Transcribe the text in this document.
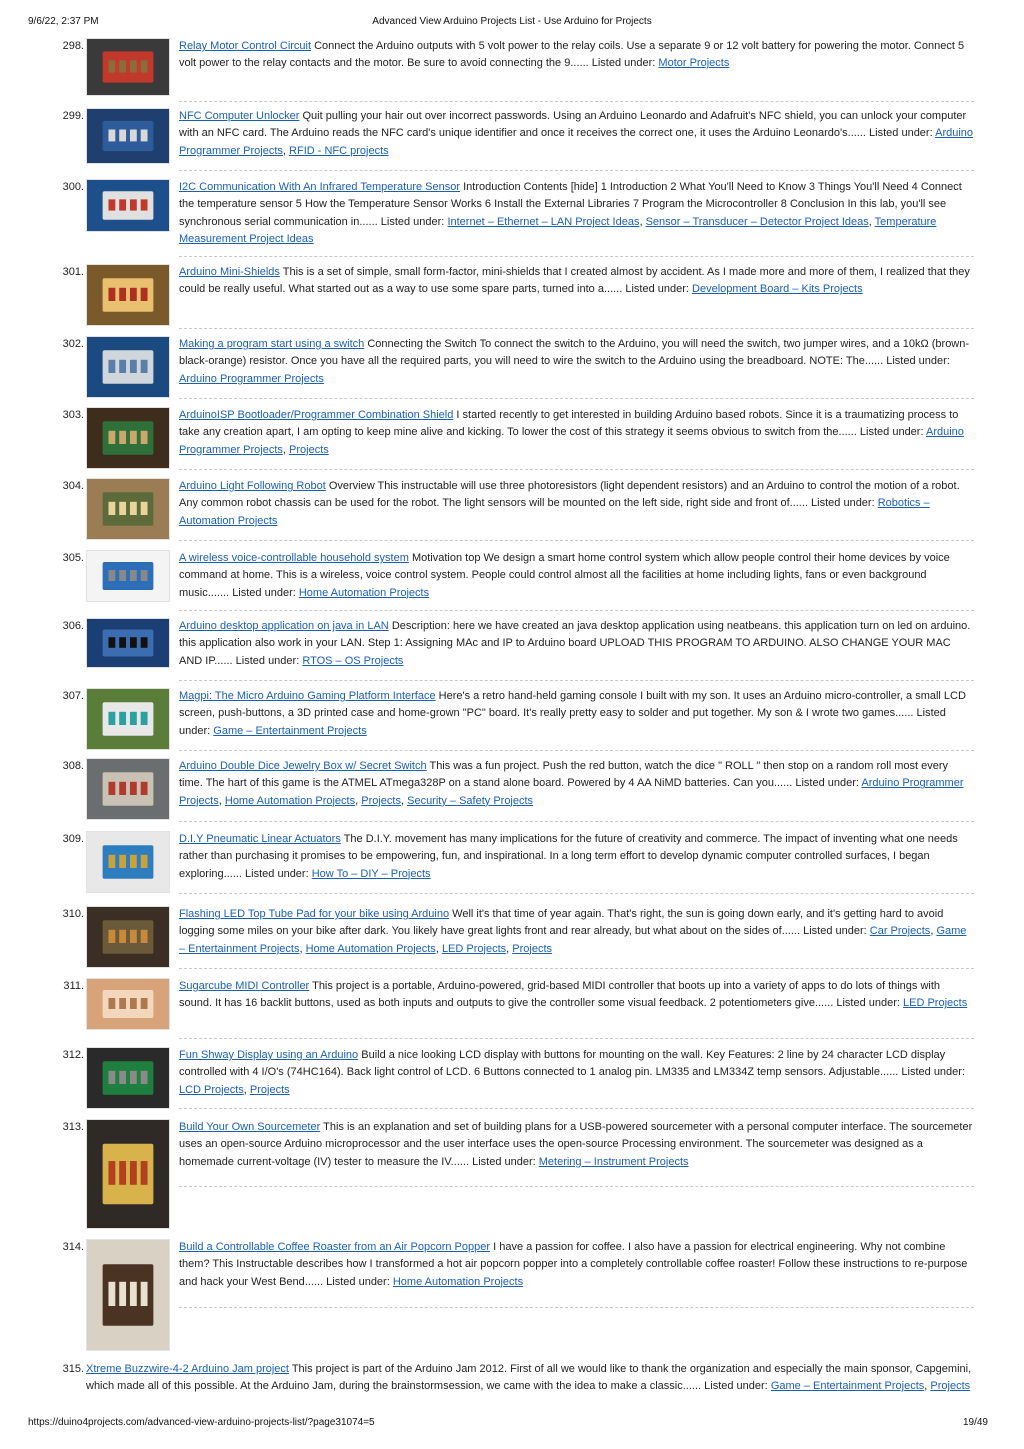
9/6/22, 2:37 PM	Advanced View Arduino Projects List - Use Arduino for Projects
298.	Relay Motor Control Circuit Connect the Arduino outputs with 5 volt power to the relay coils. Use a separate 9 or 12 volt battery for powering the motor. Connect 5 volt power to the relay contacts and the motor. Be sure to avoid connecting the 9...... Listed under: Motor Projects
299.	NFC Computer Unlocker Quit pulling your hair out over incorrect passwords. Using an Arduino Leonardo and Adafruit's NFC shield, you can unlock your computer with an NFC card. The Arduino reads the NFC card's unique identifier and once it receives the correct one, it uses the Arduino Leonardo's...... Listed under: Arduino Programmer Projects, RFID - NFC projects
300.	I2C Communication With An Infrared Temperature Sensor Introduction Contents [hide] 1 Introduction 2 What You'll Need to Know 3 Things You'll Need 4 Connect the temperature sensor 5 How the Temperature Sensor Works 6 Install the External Libraries 7 Program the Microcontroller 8 Conclusion In this lab, you'll see synchronous serial communication in...... Listed under: Internet – Ethernet – LAN Project Ideas, Sensor – Transducer – Detector Project Ideas, Temperature Measurement Project Ideas
301.	Arduino Mini-Shields This is a set of simple, small form-factor, mini-shields that I created almost by accident. As I made more and more of them, I realized that they could be really useful. What started out as a way to use some spare parts, turned into a...... Listed under: Development Board – Kits Projects
302.	Making a program start using a switch Connecting the Switch To connect the switch to the Arduino, you will need the switch, two jumper wires, and a 10kΩ (brown-black-orange) resistor. Once you have all the required parts, you will need to wire the switch to the Arduino using the breadboard. NOTE: The...... Listed under: Arduino Programmer Projects
303.	ArduinoISP Bootloader/Programmer Combination Shield I started recently to get interested in building Arduino based robots. Since it is a traumatizing process to take any creation apart, I am opting to keep mine alive and kicking. To lower the cost of this strategy it seems obvious to switch from the...... Listed under: Arduino Programmer Projects, Projects
304.	Arduino Light Following Robot Overview This instructable will use three photoresistors (light dependent resistors) and an Arduino to control the motion of a robot. Any common robot chassis can be used for the robot. The light sensors will be mounted on the left side, right side and front of...... Listed under: Robotics – Automation Projects
305.	A wireless voice-controllable household system Motivation top We design a smart home control system which allow people control their home devices by voice command at home. This is a wireless, voice control system. People could control almost all the facilities at home including lights, fans or even background music....... Listed under: Home Automation Projects
306.	Arduino desktop application on java in LAN Description: here we have created an java desktop application using neatbeans. this application turn on led on arduino. this application also work in your LAN. Step 1: Assigning MAc and IP to Arduino board UPLOAD THIS PROGRAM TO ARDUINO. ALSO CHANGE YOUR MAC AND IP...... Listed under: RTOS – OS Projects
307.	Magpi: The Micro Arduino Gaming Platform Interface Here's a retro hand-held gaming console I built with my son. It uses an Arduino micro-controller, a small LCD screen, push-buttons, a 3D printed case and home-grown "PC" board. It's really pretty easy to solder and put together. My son & I wrote two games...... Listed under: Game – Entertainment Projects
308.	Arduino Double Dice Jewelry Box w/ Secret Switch This was a fun project. Push the red button, watch the dice " ROLL " then stop on a random roll most every time. The hart of this game is the ATMEL ATmega328P on a stand alone board. Powered by 4 AA NiMD batteries. Can you...... Listed under: Arduino Programmer Projects, Home Automation Projects, Projects, Security – Safety Projects
309.	D.I.Y Pneumatic Linear Actuators The D.I.Y. movement has many implications for the future of creativity and commerce. The impact of inventing what one needs rather than purchasing it promises to be empowering, fun, and inspirational. In a long term effort to develop dynamic computer controlled surfaces, I began exploring...... Listed under: How To – DIY – Projects
310.	Flashing LED Top Tube Pad for your bike using Arduino Well it's that time of year again. That's right, the sun is going down early, and it's getting hard to avoid logging some miles on your bike after dark. You likely have great lights front and rear already, but what about on the sides of...... Listed under: Car Projects, Game – Entertainment Projects, Home Automation Projects, LED Projects, Projects
311.	Sugarcube MIDI Controller This project is a portable, Arduino-powered, grid-based MIDI controller that boots up into a variety of apps to do lots of things with sound. It has 16 backlit buttons, used as both inputs and outputs to give the controller some visual feedback. 2 potentiometers give...... Listed under: LED Projects
312.	Fun Shway Display using an Arduino Build a nice looking LCD display with buttons for mounting on the wall. Key Features: 2 line by 24 character LCD display controlled with 4 I/O's (74HC164). Back light control of LCD. 6 Buttons connected to 1 analog pin. LM335 and LM334Z temp sensors. Adjustable...... Listed under: LCD Projects, Projects
313.	Build Your Own Sourcemeter This is an explanation and set of building plans for a USB-powered sourcemeter with a personal computer interface. The sourcemeter uses an open-source Arduino microprocessor and the user interface uses the open-source Processing environment. The sourcemeter was designed as a homemade current-voltage (IV) tester to measure the IV...... Listed under: Metering – Instrument Projects
314.	Build a Controllable Coffee Roaster from an Air Popcorn Popper I have a passion for coffee. I also have a passion for electrical engineering. Why not combine them? This Instructable describes how I transformed a hot air popcorn popper into a completely controllable coffee roaster! Follow these instructions to re-purpose and hack your West Bend...... Listed under: Home Automation Projects
315. Xtreme Buzzwire-4-2 Arduino Jam project This project is part of the Arduino Jam 2012. First of all we would like to thank the organization and especially the main sponsor, Capgemini, which made all of this possible. At the Arduino Jam, during the brainstormsession, we came with the idea to make a classic...... Listed under: Game – Entertainment Projects, Projects
https://duino4projects.com/advanced-view-arduino-projects-list/?page31074=5	19/49
